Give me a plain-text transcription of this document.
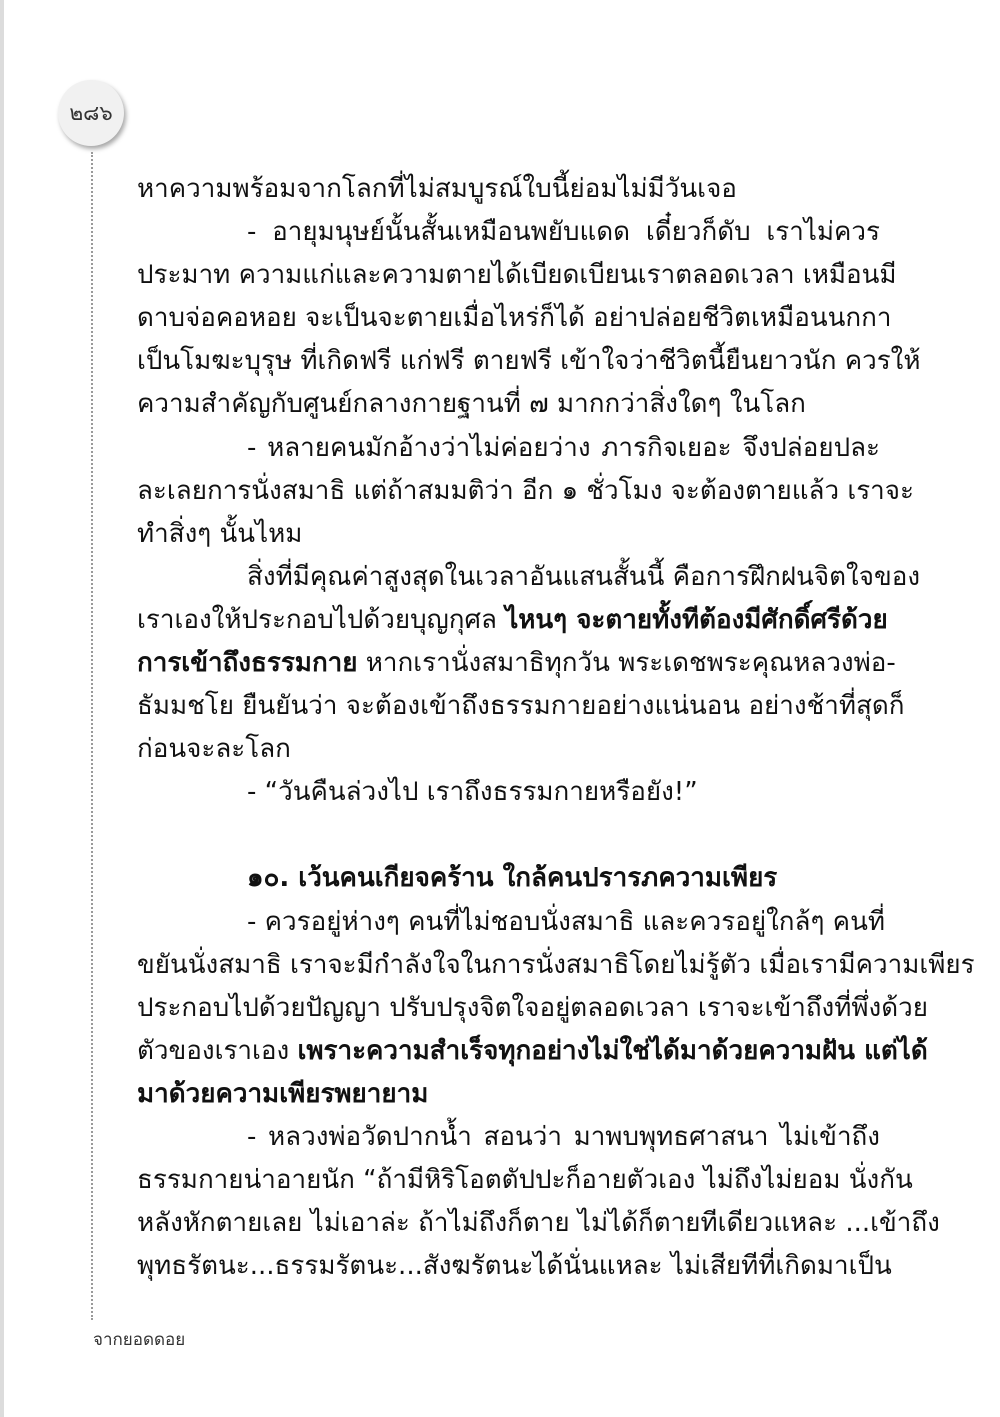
๒๘๖
หาความพร้อมจากโลกที่ไม่สมบูรณ์ใบนี้ย่อมไม่มีวันเจอ
- อายุมนุษย์นั้นสั้นเหมือนพยับแดด เดี๋ยวก็ดับ เราไม่ควร
ประมาท ความแก่และความตายได้เบียดเบียนเราตลอดเวลา เหมือนมี
ดาบจ่อคอหอย จะเป็นจะตายเมื่อไหร่ก็ได้ อย่าปล่อยชีวิตเหมือนนกกา
เป็นโมฆะบุรุษ ที่เกิดฟรี แก่ฟรี ตายฟรี เข้าใจว่าชีวิตนี้ยืนยาวนัก ควรให้
ความสำคัญกับศูนย์กลางกายฐานที่ ๗ มากกว่าสิ่งใดๆ ในโลก
- หลายคนมักอ้างว่าไม่ค่อยว่าง ภารกิจเยอะ จึงปล่อยปละ
ละเลยการนั่งสมาธิ แต่ถ้าสมมติว่า อีก ๑ ชั่วโมง จะต้องตายแล้ว เราจะ
ทำสิ่งๆ นั้นไหม
สิ่งที่มีคุณค่าสูงสุดในเวลาอันแสนสั้นนี้ คือการฝึกฝนจิตใจของ
เราเองให้ประกอบไปด้วยบุญกุศล ไหนๆ จะตายทั้งทีต้องมีศักดิ์ศรีด้วย
การเข้าถึงธรรมกาย หากเรานั่งสมาธิทุกวัน พระเดชพระคุณหลวงพ่อ-
ธัมมชโย ยืนยันว่า จะต้องเข้าถึงธรรมกายอย่างแน่นอน อย่างช้าที่สุดก็
ก่อนจะละโลก
- “วันคืนล่วงไป เราถึงธรรมกายหรือยัง!”
๑๐. เว้นคนเกียจคร้าน ใกล้คนปรารภความเพียร
- ควรอยู่ห่างๆ คนที่ไม่ชอบนั่งสมาธิ และควรอยู่ใกล้ๆ คนที่
ขยันนั่งสมาธิ เราจะมีกำลังใจในการนั่งสมาธิโดยไม่รู้ตัว เมื่อเรามีความเพียร
ประกอบไปด้วยปัญญา ปรับปรุงจิตใจอยู่ตลอดเวลา เราจะเข้าถึงที่พึ่งด้วย
ตัวของเราเอง เพราะความสำเร็จทุกอย่างไม่ใช่ได้มาด้วยความฝัน แต่ได้
มาด้วยความเพียรพยายาม
- หลวงพ่อวัดปากน้ำ สอนว่า มาพบพุทธศาสนา ไม่เข้าถึง
ธรรมกายน่าอายนัก “ถ้ามีหิริโอตตัปปะก็อายตัวเอง ไม่ถึงไม่ยอม นั่งกัน
หลังหักตายเลย ไม่เอาล่ะ ถ้าไม่ถึงก็ตาย ไม่ได้ก็ตายทีเดียวแหละ ...เข้าถึง
พุทธรัตนะ...ธรรมรัตนะ...สังฆรัตนะได้นั่นแหละ ไม่เสียทีที่เกิดมาเป็น
จากยอดดอย
